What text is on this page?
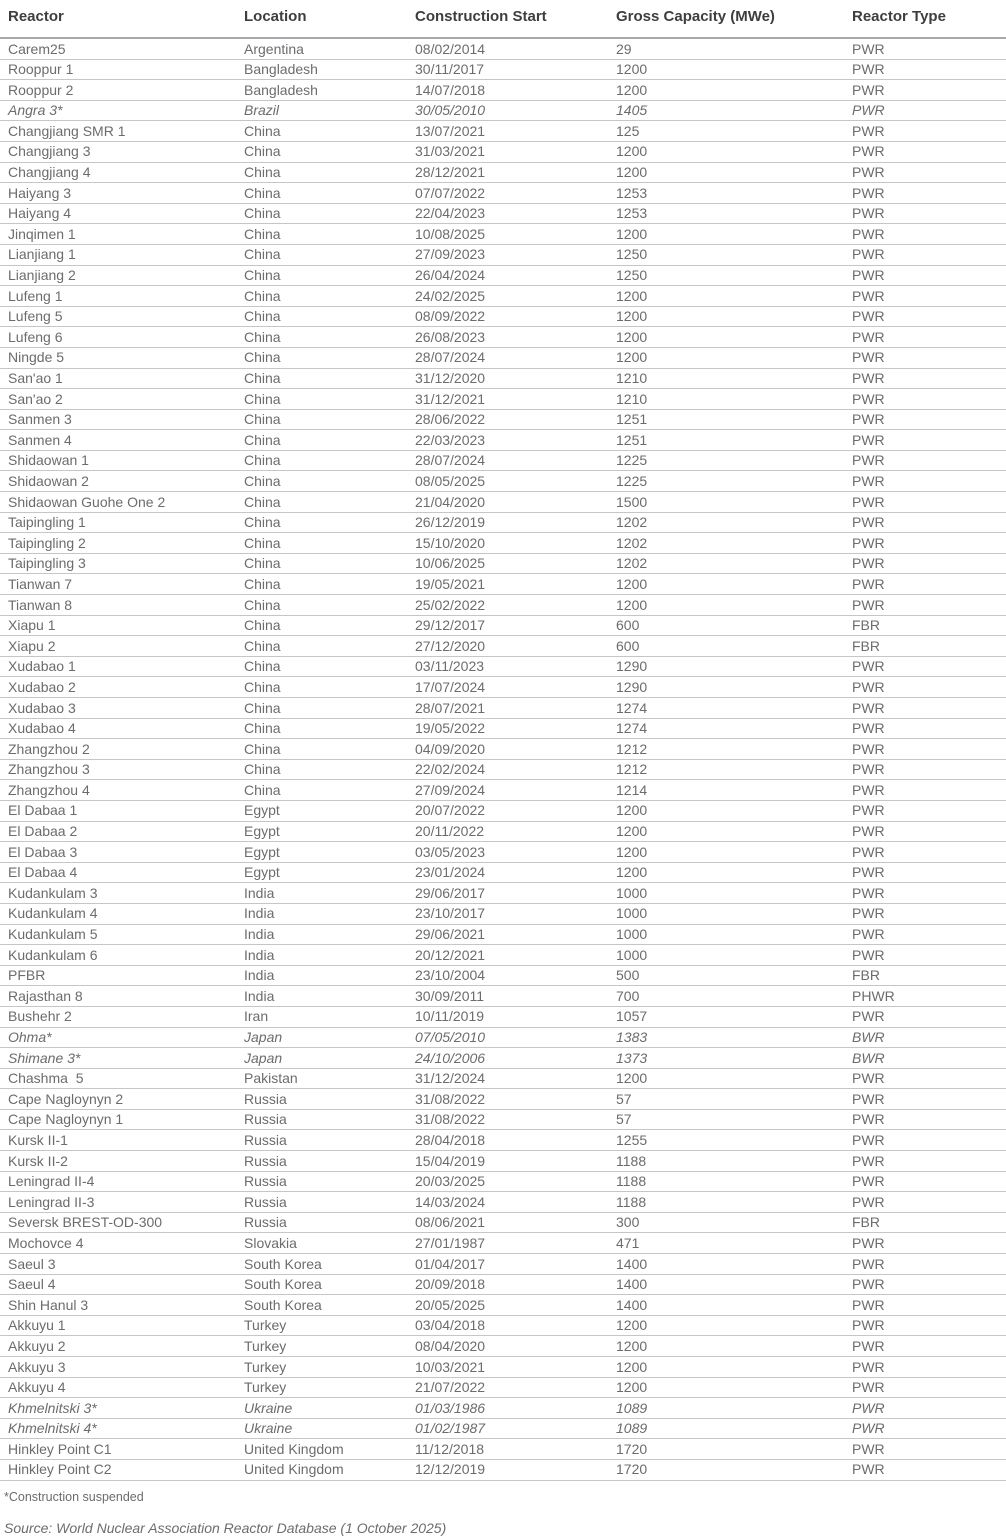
Reactor	Location	Construction Start	Gross Capacity (MWe)	Reactor Type
Carem25	Argentina	08/02/2014	29	PWR
Rooppur 1	Bangladesh	30/11/2017	1200	PWR
Rooppur 2	Bangladesh	14/07/2018	1200	PWR
Angra 3*	Brazil	30/05/2010	1405	PWR
Changjiang SMR 1	China	13/07/2021	125	PWR
Changjiang 3	China	31/03/2021	1200	PWR
Changjiang 4	China	28/12/2021	1200	PWR
Haiyang 3	China	07/07/2022	1253	PWR
Haiyang 4	China	22/04/2023	1253	PWR
Jinqimen 1	China	10/08/2025	1200	PWR
Lianjiang 1	China	27/09/2023	1250	PWR
Lianjiang 2	China	26/04/2024	1250	PWR
Lufeng 1	China	24/02/2025	1200	PWR
Lufeng 5	China	08/09/2022	1200	PWR
Lufeng 6	China	26/08/2023	1200	PWR
Ningde 5	China	28/07/2024	1200	PWR
San'ao 1	China	31/12/2020	1210	PWR
San'ao 2	China	31/12/2021	1210	PWR
Sanmen 3	China	28/06/2022	1251	PWR
Sanmen 4	China	22/03/2023	1251	PWR
Shidaowan 1	China	28/07/2024	1225	PWR
Shidaowan 2	China	08/05/2025	1225	PWR
Shidaowan Guohe One 2	China	21/04/2020	1500	PWR
Taipingling 1	China	26/12/2019	1202	PWR
Taipingling 2	China	15/10/2020	1202	PWR
Taipingling 3	China	10/06/2025	1202	PWR
Tianwan 7	China	19/05/2021	1200	PWR
Tianwan 8	China	25/02/2022	1200	PWR
Xiapu 1	China	29/12/2017	600	FBR
Xiapu 2	China	27/12/2020	600	FBR
Xudabao 1	China	03/11/2023	1290	PWR
Xudabao 2	China	17/07/2024	1290	PWR
Xudabao 3	China	28/07/2021	1274	PWR
Xudabao 4	China	19/05/2022	1274	PWR
Zhangzhou 2	China	04/09/2020	1212	PWR
Zhangzhou 3	China	22/02/2024	1212	PWR
Zhangzhou 4	China	27/09/2024	1214	PWR
El Dabaa 1	Egypt	20/07/2022	1200	PWR
El Dabaa 2	Egypt	20/11/2022	1200	PWR
El Dabaa 3	Egypt	03/05/2023	1200	PWR
El Dabaa 4	Egypt	23/01/2024	1200	PWR
Kudankulam 3	India	29/06/2017	1000	PWR
Kudankulam 4	India	23/10/2017	1000	PWR
Kudankulam 5	India	29/06/2021	1000	PWR
Kudankulam 6	India	20/12/2021	1000	PWR
PFBR	India	23/10/2004	500	FBR
Rajasthan 8	India	30/09/2011	700	PHWR
Bushehr 2	Iran	10/11/2019	1057	PWR
Ohma*	Japan	07/05/2010	1383	BWR
Shimane 3*	Japan	24/10/2006	1373	BWR
Chashma  5	Pakistan	31/12/2024	1200	PWR
Cape Nagloynyn 2	Russia	31/08/2022	57	PWR
Cape Nagloynyn 1	Russia	31/08/2022	57	PWR
Kursk II-1	Russia	28/04/2018	1255	PWR
Kursk II-2	Russia	15/04/2019	1188	PWR
Leningrad II-4	Russia	20/03/2025	1188	PWR
Leningrad II-3	Russia	14/03/2024	1188	PWR
Seversk BREST-OD-300	Russia	08/06/2021	300	FBR
Mochovce 4	Slovakia	27/01/1987	471	PWR
Saeul 3	South Korea	01/04/2017	1400	PWR
Saeul 4	South Korea	20/09/2018	1400	PWR
Shin Hanul 3	South Korea	20/05/2025	1400	PWR
Akkuyu 1	Turkey	03/04/2018	1200	PWR
Akkuyu 2	Turkey	08/04/2020	1200	PWR
Akkuyu 3	Turkey	10/03/2021	1200	PWR
Akkuyu 4	Turkey	21/07/2022	1200	PWR
Khmelnitski 3*	Ukraine	01/03/1986	1089	PWR
Khmelnitski 4*	Ukraine	01/02/1987	1089	PWR
Hinkley Point C1	United Kingdom	11/12/2018	1720	PWR
Hinkley Point C2	United Kingdom	12/12/2019	1720	PWR
*Construction suspended
Source: World Nuclear Association Reactor Database (1 October 2025)
